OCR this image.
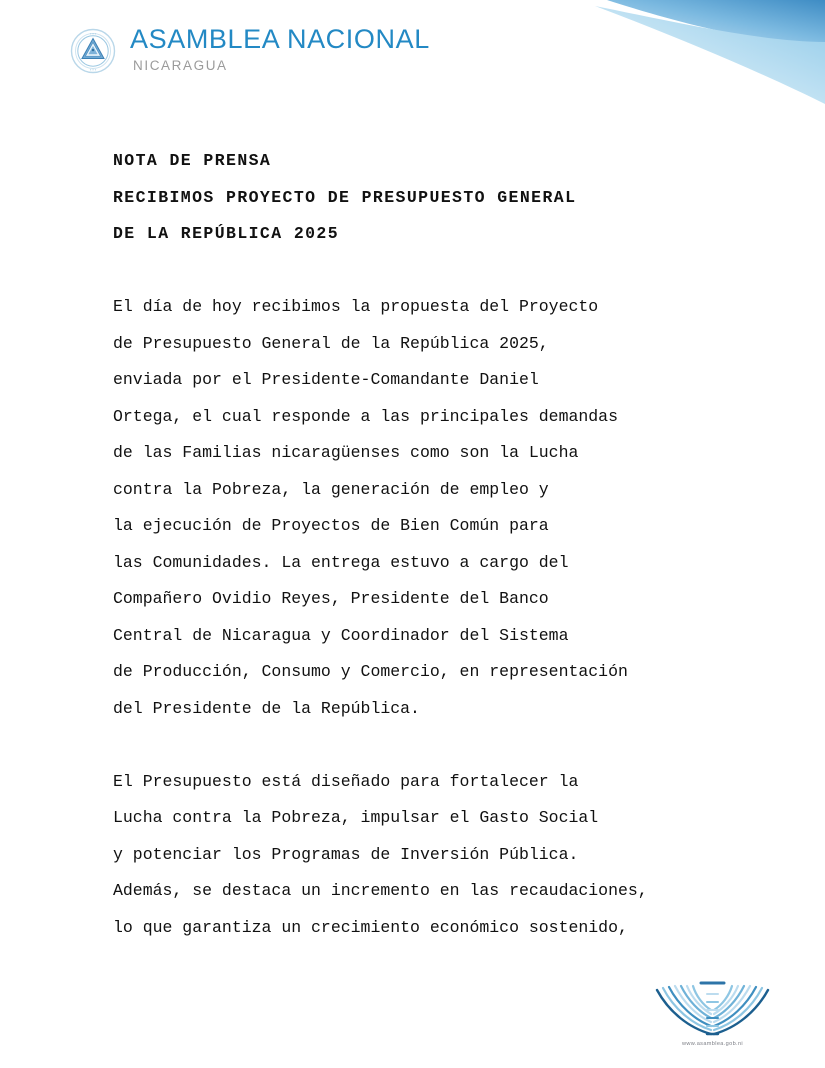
★ ★ ★
★ ★ ★
ASAMBLEA NACIONAL
NICARAGUA
NOTA DE PRENSA
RECIBIMOS PROYECTO DE PRESUPUESTO GENERAL
DE LA REPÚBLICA 2025
El día de hoy recibimos la propuesta del Proyecto
de Presupuesto General de la República 2025,
enviada por el Presidente-Comandante Daniel
Ortega, el cual responde a las principales demandas
de las Familias nicaragüenses como son la Lucha
contra la Pobreza, la generación de empleo y
la ejecución de Proyectos de Bien Común para
las Comunidades. La entrega estuvo a cargo del
Compañero Ovidio Reyes, Presidente del Banco
Central de Nicaragua y Coordinador del Sistema
de Producción, Consumo y Comercio, en representación
del Presidente de la República.
El Presupuesto está diseñado para fortalecer la
Lucha contra la Pobreza, impulsar el Gasto Social
y potenciar los Programas de Inversión Pública.
Además, se destaca un incremento en las recaudaciones,
lo que garantiza un crecimiento económico sostenido,
www.asamblea.gob.ni
